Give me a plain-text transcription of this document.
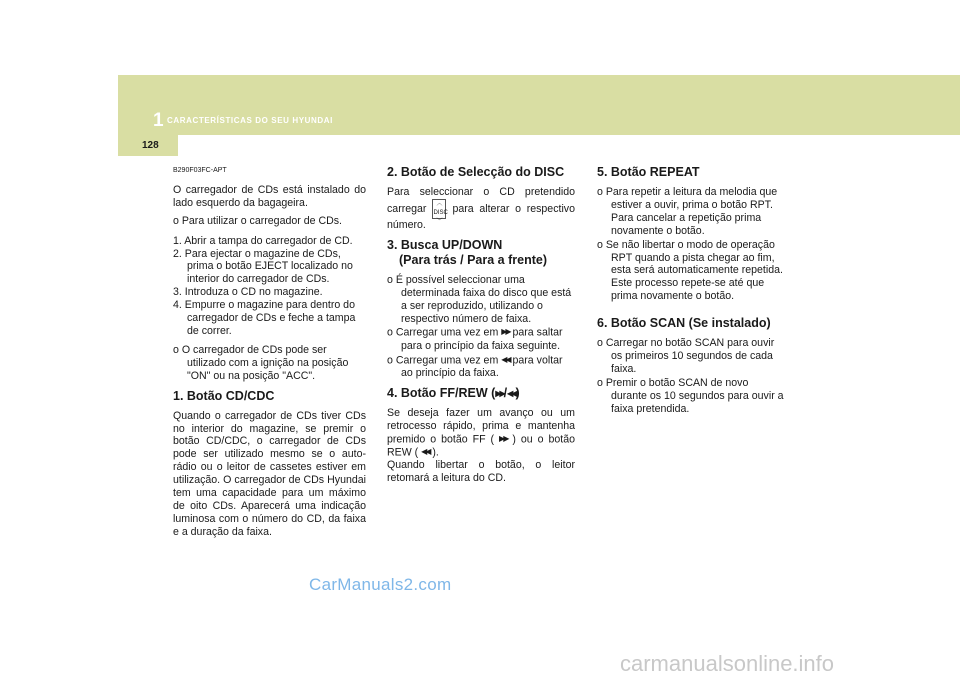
1 CARACTERÍSTICAS DO SEU HYUNDAI
128
B290F03FC-APT

O carregador de CDs está instalado do lado esquerdo da bagageira.

o Para utilizar o carregador de CDs.

1. Abrir a tampa do carregador de CD.

2. Para ejectar o magazine de CDs, prima o botão EJECT localizado no interior do carregador de CDs.

3. Introduza o CD no magazine.

4. Empurre o magazine para dentro do carregador de CDs e feche a tampa de correr.

o O carregador de CDs pode ser utilizado com a ignição na posição "ON" ou na posição "ACC".

1. Botão CD/CDC

Quando o carregador de CDs tiver CDs no interior do magazine, se premir o botão CD/CDC, o carregador de CDs pode ser utilizado mesmo se o auto-rádio ou o leitor de cassetes estiver em utilização. O carregador de CDs Hyundai tem uma capacidade para um máximo de oito CDs. Aparecerá uma indicação luminosa com o número do CD, da faixa e a duração da faixa.

2. Botão de Selecção do DISC

Para seleccionar o CD pretendido carregar ︿
DISC
﹀para alterar o respectivo número.

3. Busca UP/DOWN
(Para trás / Para a frente)

o É possível seleccionar uma determinada faixa do disco que está a ser reproduzido, utilizando o respectivo número de faixa.

o Carregar uma vez em ▶▶ para saltar para o princípio da faixa seguinte.

o Carregar uma vez em ◀◀ para voltar ao princípio da faixa.

4. Botão FF/REW (▶▶/◀◀)

Se deseja fazer um avanço ou um retrocesso rápido, prima e mantenha premido o botão FF ( ▶▶ ) ou o botão REW ( ◀◀ ).
Quando libertar o botão, o leitor retomará a leitura do CD.

5. Botão REPEAT

o Para repetir a leitura da melodia que estiver a ouvir, prima o botão RPT. Para cancelar a repetição prima novamente o botão.

o Se não libertar o modo de operação RPT quando a pista chegar ao fim, esta será automaticamente repetida. Este processo repete-se até que prima novamente o botão.

6. Botão SCAN (Se instalado)

o Carregar no botão SCAN para ouvir os primeiros 10 segundos de cada faixa.

o Premir o botão SCAN de novo durante os 10 segundos para ouvir a faixa pretendida.

CarManuals2.com
carmanualsonline.info
